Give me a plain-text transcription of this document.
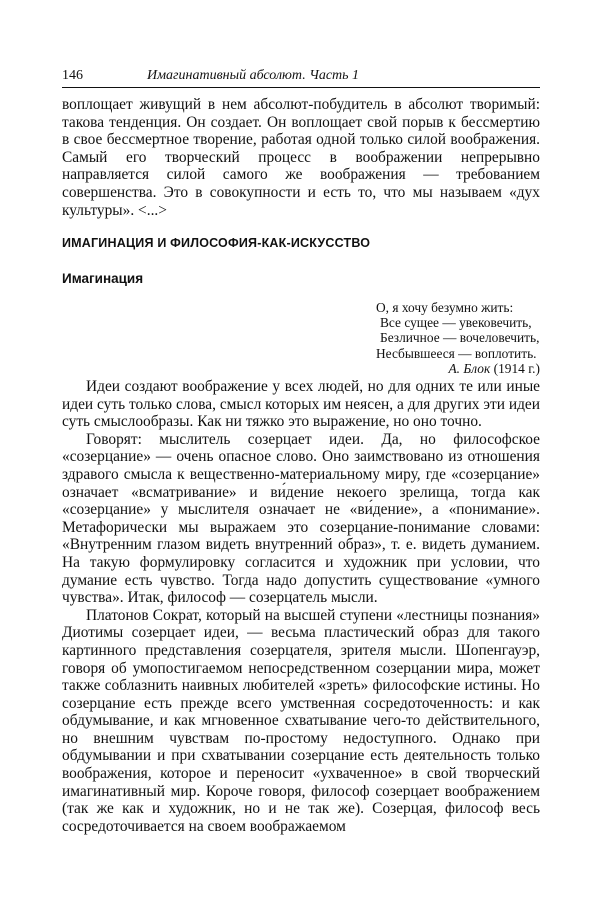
146	Имагинативный абсолют. Часть 1

воплощает живущий в нем абсолют-побудитель в абсолют творимый: такова тенденция. Он создает. Он воплощает свой порыв к бессмертию в свое бессмертное творение, работая одной только силой воображения. Самый его творческий процесс в воображении непрерывно направляется силой самого же воображения — требованием совершенства. Это в совокупности и есть то, что мы называем «дух культуры». <...>

ИМАГИНАЦИЯ И ФИЛОСОФИЯ-КАК-ИСКУССТВО
Имагинация
О, я хочу безумно жить:
Все сущее — увековечить,
Безличное — вочеловечить,
Несбывшееся — воплотить.
А. Блок (1914 г.)

Идеи создают воображение у всех людей, но для одних те или иные идеи суть только слова, смысл которых им неясен, а для других эти идеи суть смыслообразы. Как ни тяжко это выражение, но оно точно.

Говорят: мыслитель созерцает идеи. Да, но философское «созерцание» — очень опасное слово. Оно заимствовано из отношения здравого смысла к вещественно-материальному миру, где «созерцание» означает «всматривание» и ви́дение некоего зрелища, тогда как «созерцание» у мыслителя означает не «ви́дение», а «понимание». Метафорически мы выражаем это созерцание-понимание словами: «Внутренним глазом видеть внутренний образ», т. е. видеть думанием. На такую формулировку согласится и художник при условии, что думание есть чувство. Тогда надо допустить существование «умного чувства». Итак, философ — созерцатель мысли.

Платонов Сократ, который на высшей ступени «лестницы познания» Диотимы созерцает идеи, — весьма пластический образ для такого картинного представления созерцателя, зрителя мысли. Шопенгауэр, говоря об умопостигаемом непосредственном созерцании мира, может также соблазнить наивных любителей «зреть» философские истины. Но созерцание есть прежде всего умственная сосредоточенность: и как обдумывание, и как мгновенное схватывание чего-то действительного, но внешним чувствам по-простому недоступного. Однако при обдумывании и при схватывании созерцание есть деятельность только воображения, которое и переносит «ухваченное» в свой творческий имагинативный мир. Короче говоря, философ созерцает воображением (так же как и художник, но и не так же). Созерцая, философ весь сосредоточивается на своем воображаемом
